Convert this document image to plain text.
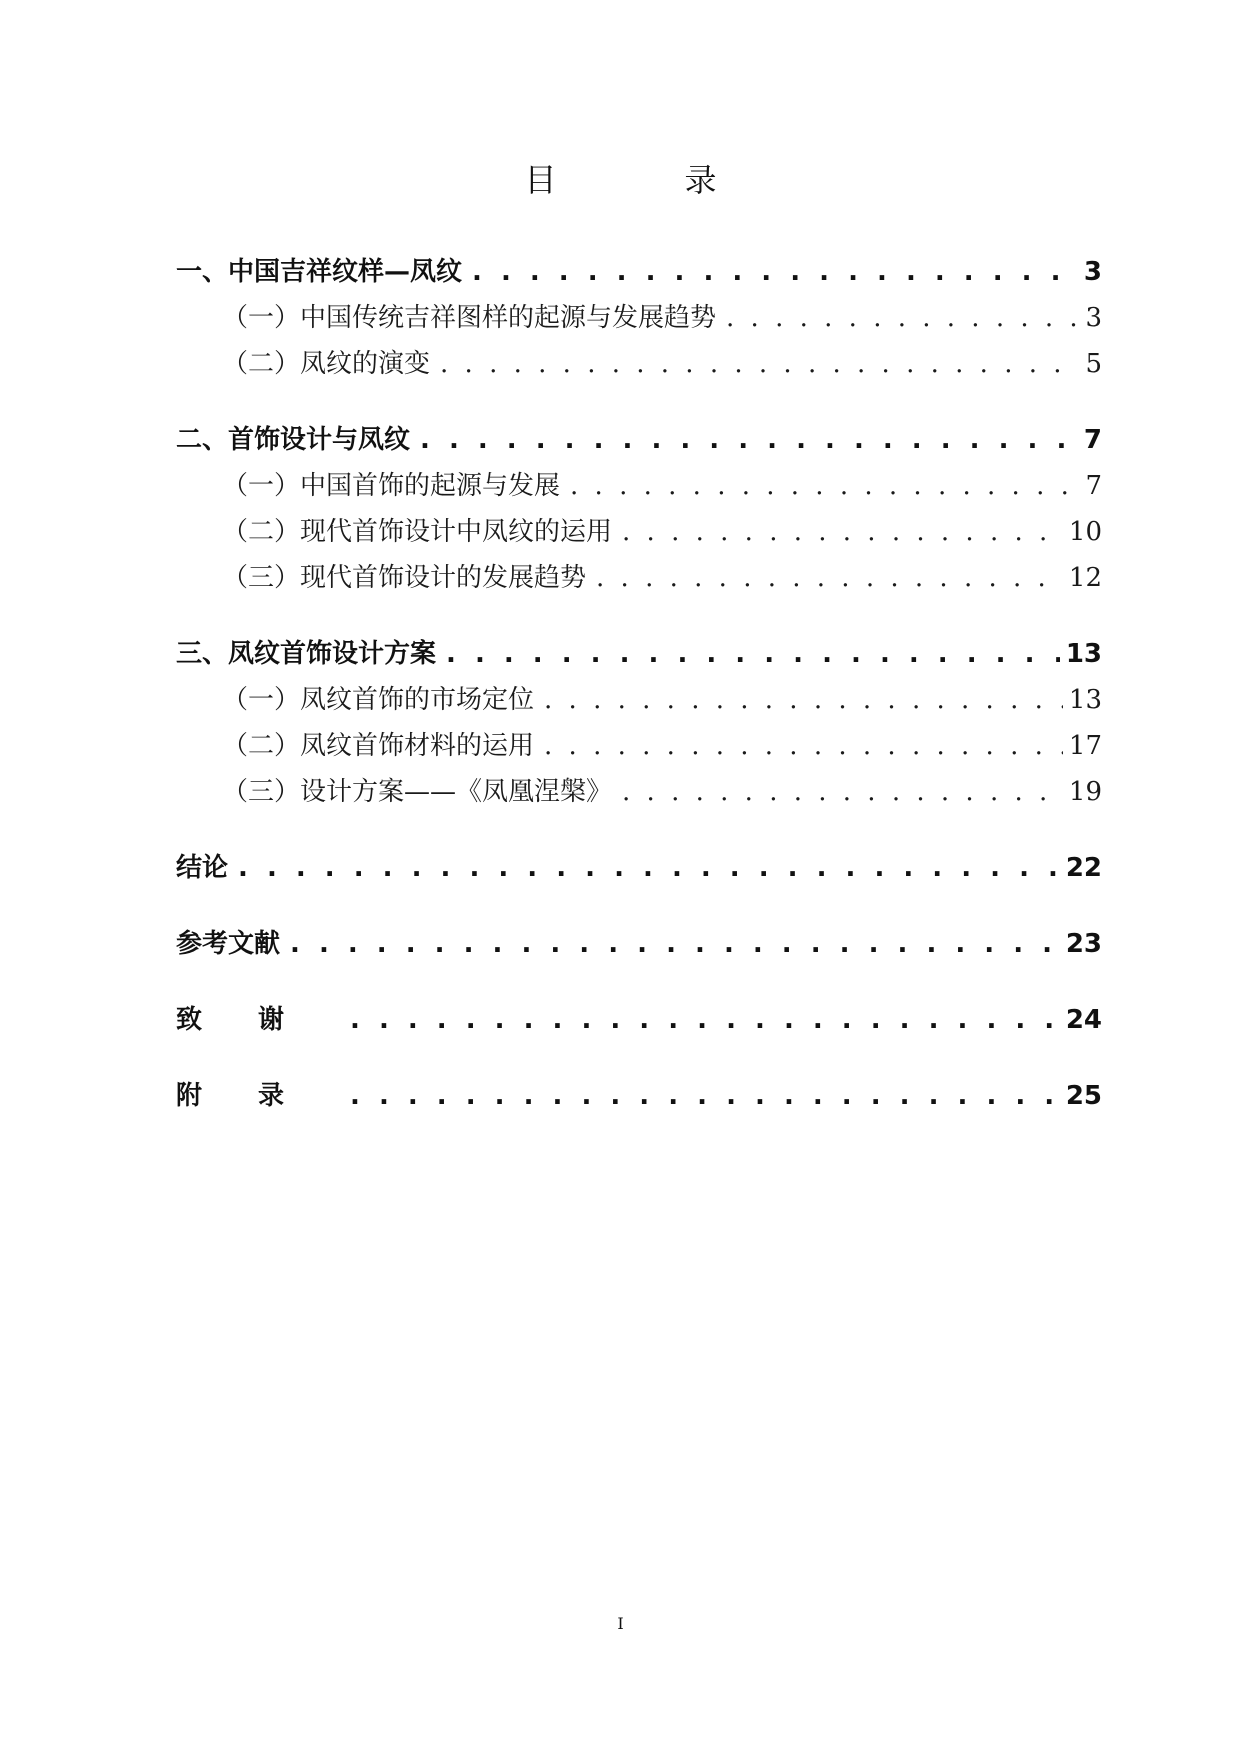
目　录
一、中国吉祥纹样—凤纹 . . .	3
（一）中国传统吉祥图样的起源与发展趋势 . . .	3
（二）凤纹的演变 . . .	5
二、首饰设计与凤纹 . . .	7
（一）中国首饰的起源与发展 . . .	7
（二）现代首饰设计中凤纹的运用 . . .	10
（三）现代首饰设计的发展趋势 . . .	12
三、凤纹首饰设计方案 . . .	13
（一）凤纹首饰的市场定位 . . .	13
（二）凤纹首饰材料的运用 . . .	17
（三）设计方案——《凤凰涅槃》 . . .	19
结论 . . .	22
参考文献 . . .	23
致谢 . . .	24
附录 . . .	25
I
